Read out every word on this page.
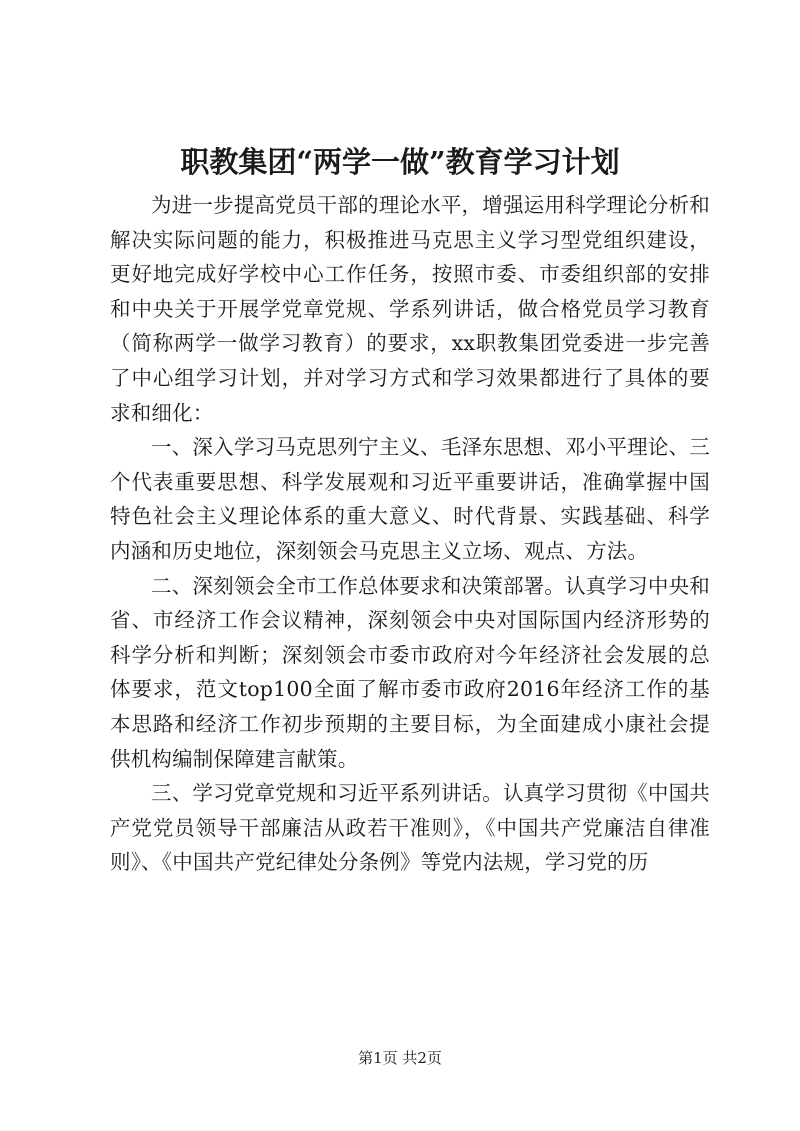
职教集团“两学一做”教育学习计划

为进一步提高党员干部的理论水平，增强运用科学理论分析和解决实际问题的能力，积极推进马克思主义学习型党组织建设，更好地完成好学校中心工作任务，按照市委、市委组织部的安排和中央关于开展学党章党规、学系列讲话，做合格党员学习教育（简称两学一做学习教育）的要求，xx职教集团党委进一步完善了中心组学习计划，并对学习方式和学习效果都进行了具体的要求和细化：

一、深入学习马克思列宁主义、毛泽东思想、邓小平理论、三个代表重要思想、科学发展观和习近平重要讲话，准确掌握中国特色社会主义理论体系的重大意义、时代背景、实践基础、科学内涵和历史地位，深刻领会马克思主义立场、观点、方法。

二、深刻领会全市工作总体要求和决策部署。认真学习中央和省、市经济工作会议精神，深刻领会中央对国际国内经济形势的科学分析和判断；深刻领会市委市政府对今年经济社会发展的总体要求，范文top100全面了解市委市政府2016年经济工作的基本思路和经济工作初步预期的主要目标，为全面建成小康社会提供机构编制保障建言献策。

三、学习党章党规和习近平系列讲话。认真学习贯彻《中国共产党党员领导干部廉洁从政若干准则》，《中国共产党廉洁自律准则》、《中国共产党纪律处分条例》等党内法规，学习党的历

第1页 共2页
